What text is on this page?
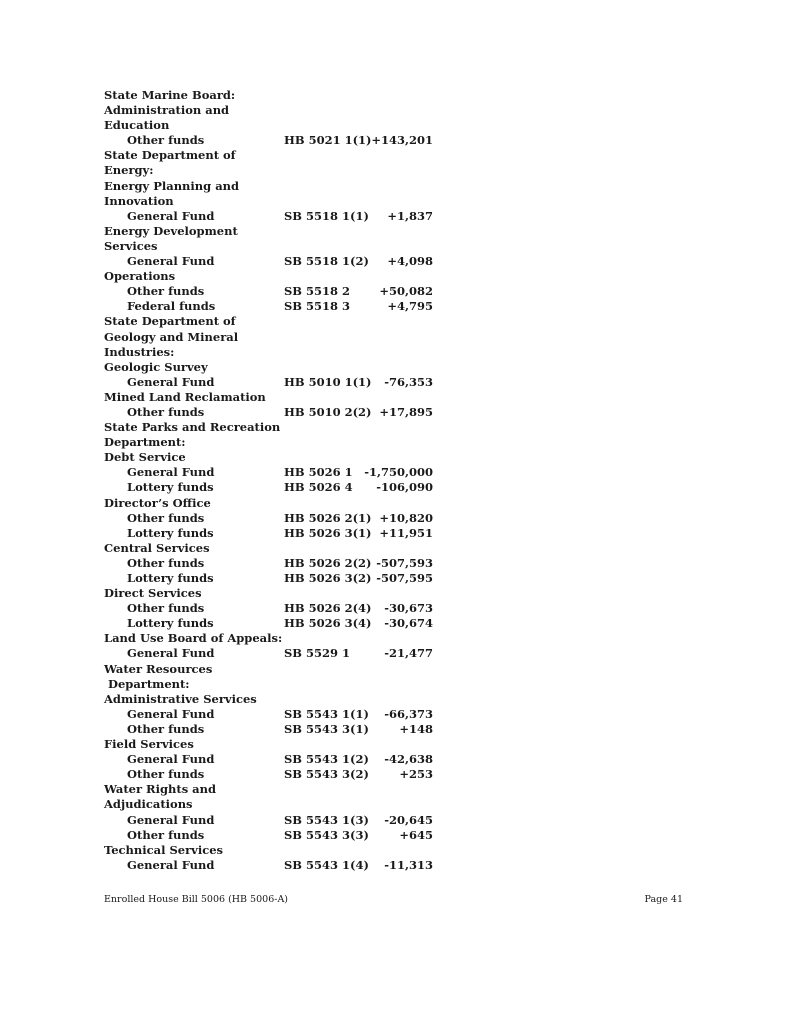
State Marine Board:
Administration and
Education
Other funds	HB 5021 1(1) +143,201
State Department of
Energy:
Energy Planning and
Innovation
General Fund	SB 5518 1(1) +1,837
Energy Development
Services
General Fund	SB 5518 1(2) +4,098
Operations
Other funds	SB 5518 2	+50,082
Federal funds	SB 5518 3	+4,795
State Department of
Geology and Mineral
Industries:
Geologic Survey
General Fund	HB 5010 1(1) -76,353
Mined Land Reclamation
Other funds	HB 5010 2(2) +17,895
State Parks and Recreation
Department:
Debt Service
General Fund	HB 5026 1 -1,750,000
Lottery funds	HB 5026 4 -106,090
Director’s Office
Other funds	HB 5026 2(1) +10,820
Lottery funds	HB 5026 3(1) +11,951
Central Services
Other funds	HB 5026 2(2) -507,593
Lottery funds	HB 5026 3(2) -507,595
Direct Services
Other funds	HB 5026 2(4) -30,673
Lottery funds	HB 5026 3(4) -30,674
Land Use Board of Appeals:
General Fund	SB 5529 1	-21,477
Water Resources
Department:
Administrative Services
General Fund	SB 5543 1(1) -66,373
Other funds	SB 5543 3(1)	+148
Field Services
General Fund	SB 5543 1(2) -42,638
Other funds	SB 5543 3(2)	+253
Water Rights and
Adjudications
General Fund	SB 5543 1(3) -20,645
Other funds	SB 5543 3(3)	+645
Technical Services
General Fund	SB 5543 1(4) -11,313
Enrolled House Bill 5006 (HB 5006-A)	Page 41
